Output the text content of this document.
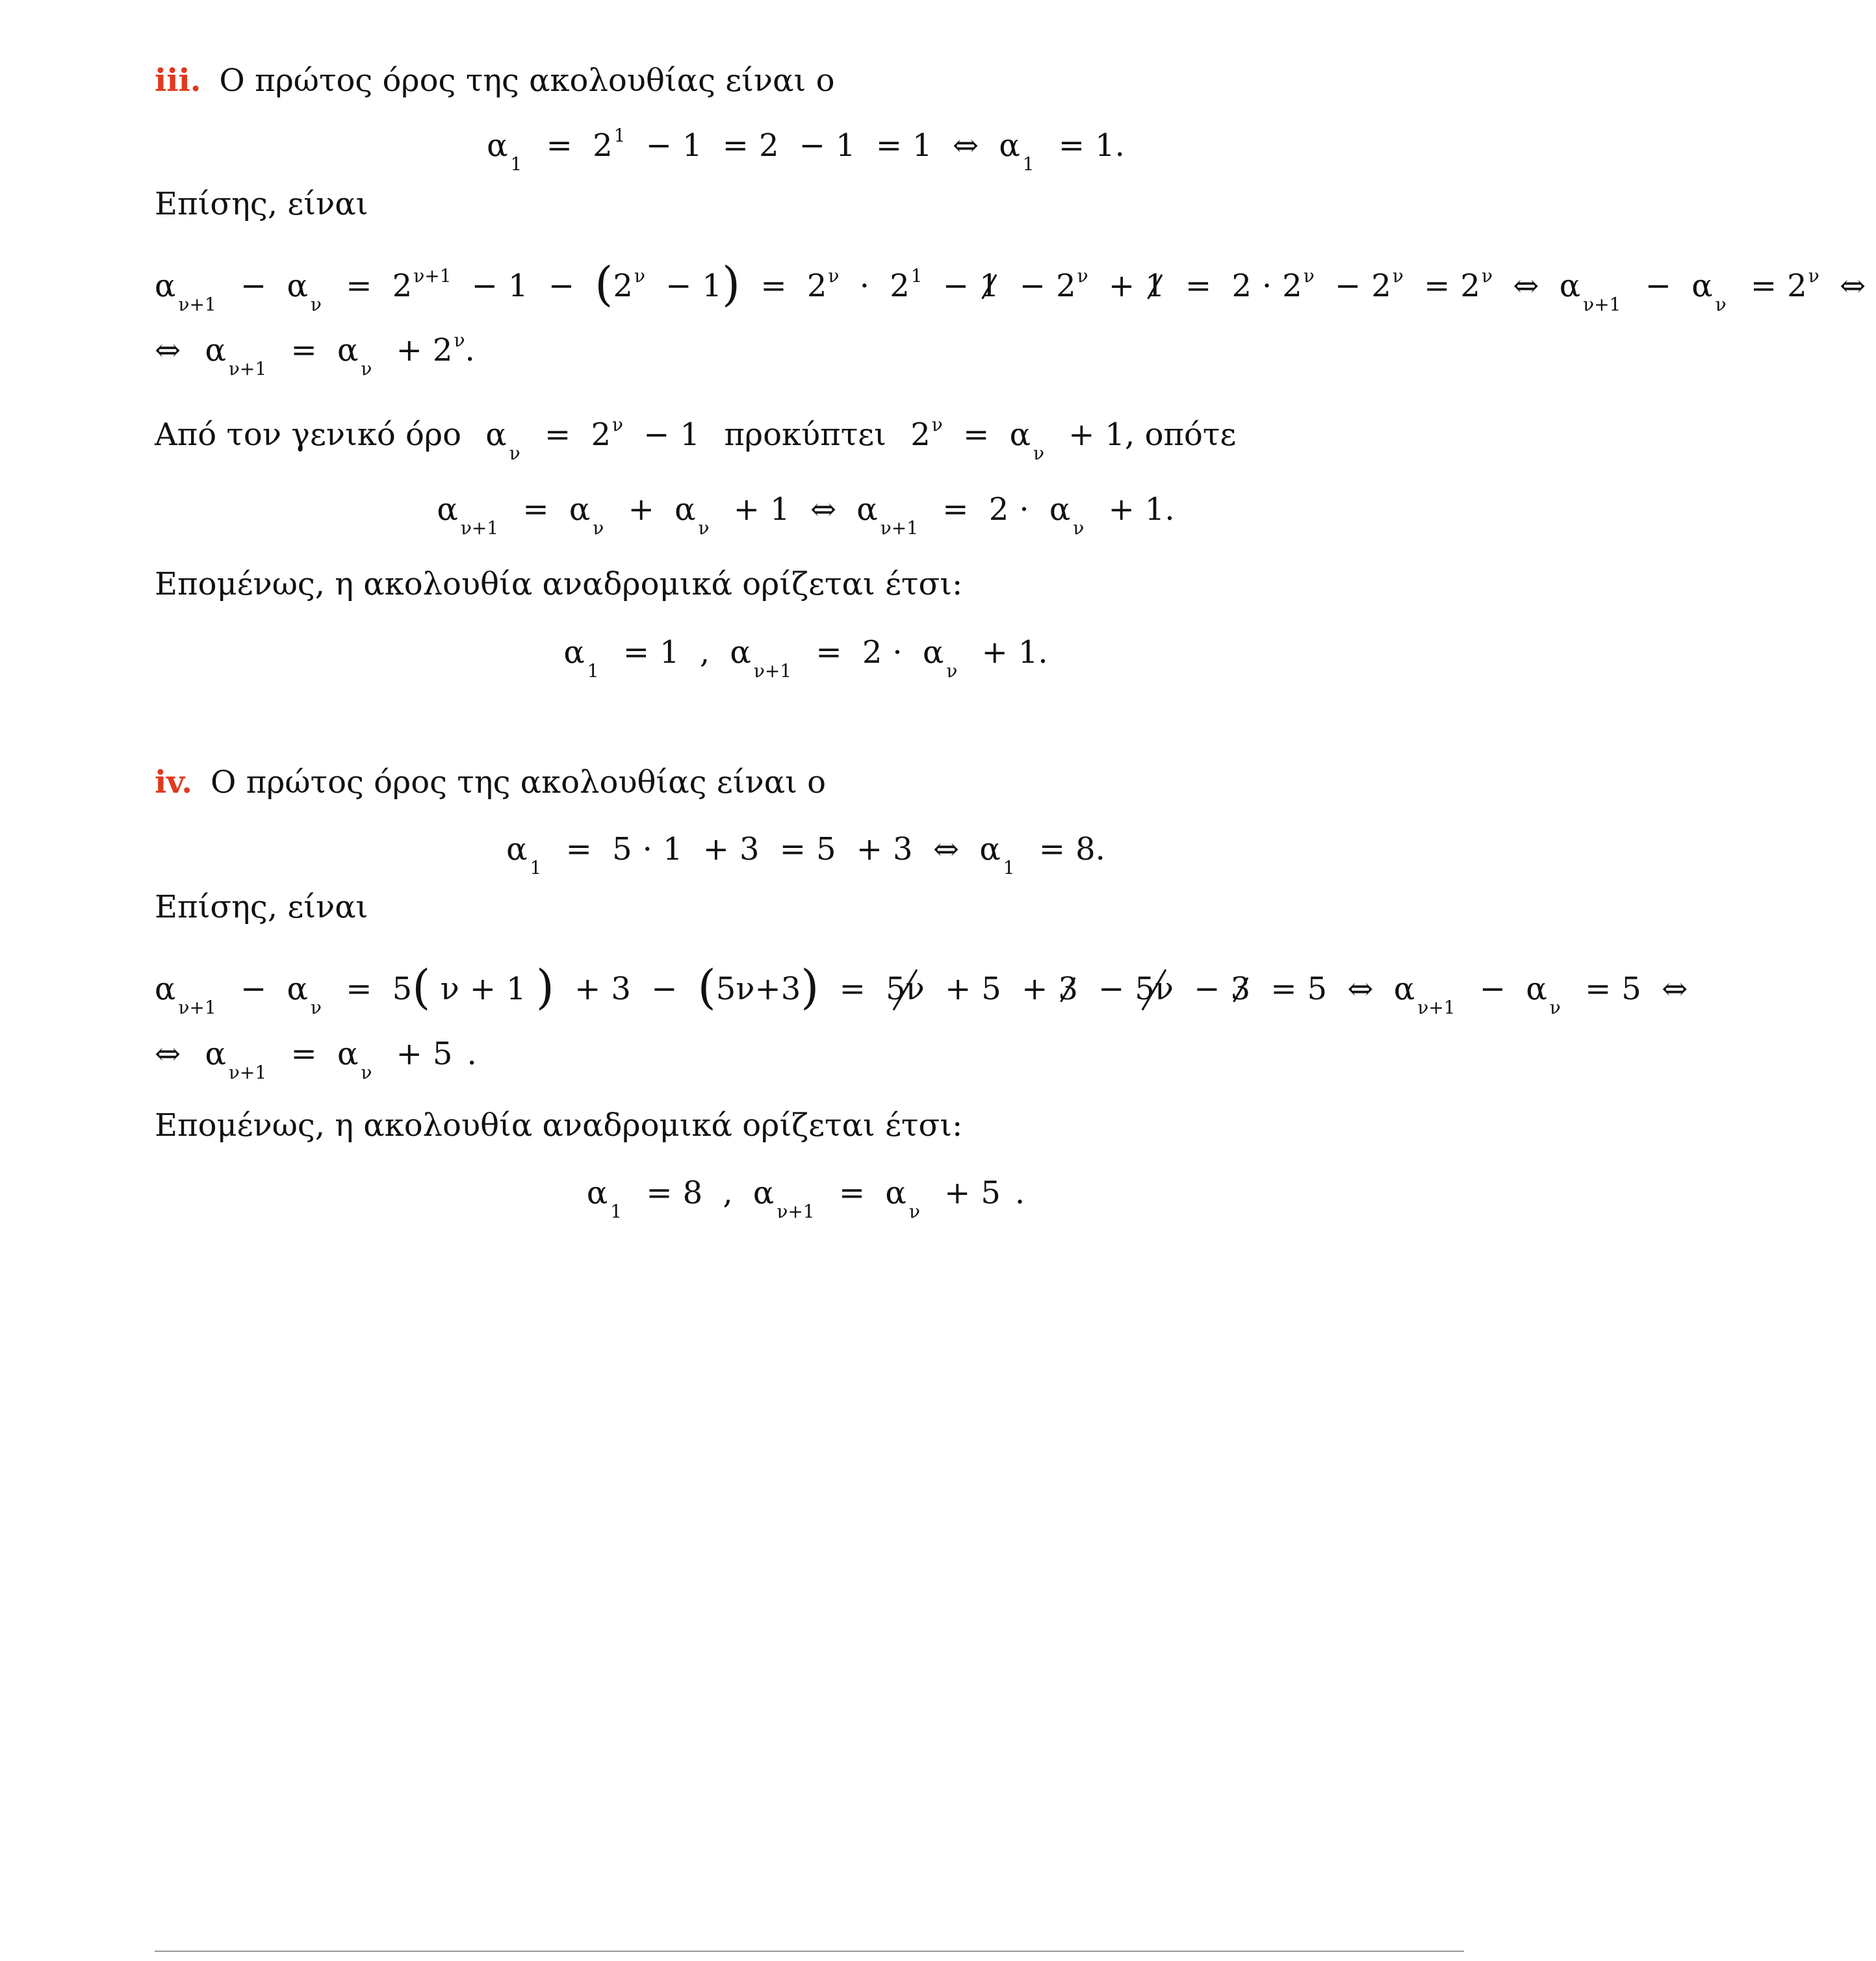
iii. Ο πρώτος όρος της ακολουθίας είναι ο
$\alpha_1 = 2^1 - 1 = 2 - 1 = 1$ ⇔ $\alpha_1 = 1$.
Επίσης, είναι
$\alpha_{\nu+1} - \alpha_\nu = 2^{\nu+1} - 1 - (2^\nu - 1) = 2^\nu \cdot 2^1 - 1 - 2^\nu + 1 = 2 \cdot 2^\nu - 2^\nu = 2^\nu$ ⇔ $\alpha_{\nu+1} - \alpha_\nu = 2^\nu$ ⇔
⇔ $\alpha_{\nu+1} = \alpha_\nu + 2^\nu$.
Από τον γενικό όρο $\alpha_\nu = 2^\nu - 1$ προκύπτει $2^\nu = \alpha_\nu + 1$, οπότε
$\alpha_{\nu+1} = \alpha_\nu + \alpha_\nu + 1$ ⇔ $\alpha_{\nu+1} = 2 \cdot \alpha_\nu + 1$.
Επομένως, η ακολουθία αναδρομικά ορίζεται έτσι:
$\alpha_1 = 1$ , $\alpha_{\nu+1} = 2 \cdot \alpha_\nu + 1$.
iv. Ο πρώτος όρος της ακολουθίας είναι ο
$\alpha_1 = 5 \cdot 1 + 3 = 5 + 3$ ⇔ $\alpha_1 = 8$.
Επίσης, είναι
$\alpha_{\nu+1} - \alpha_\nu = 5$( ν + 1 ) + 3 − (5ν+3) = 5ν + 5 + 3 − 5ν − 3 = 5 ⇔ $\alpha_{\nu+1} - \alpha_\nu = 5$ ⇔
⇔ $\alpha_{\nu+1} = \alpha_\nu + 5$ .
Επομένως, η ακολουθία αναδρομικά ορίζεται έτσι:
$\alpha_1 = 8$ , $\alpha_{\nu+1} = \alpha_\nu + 5$ .
